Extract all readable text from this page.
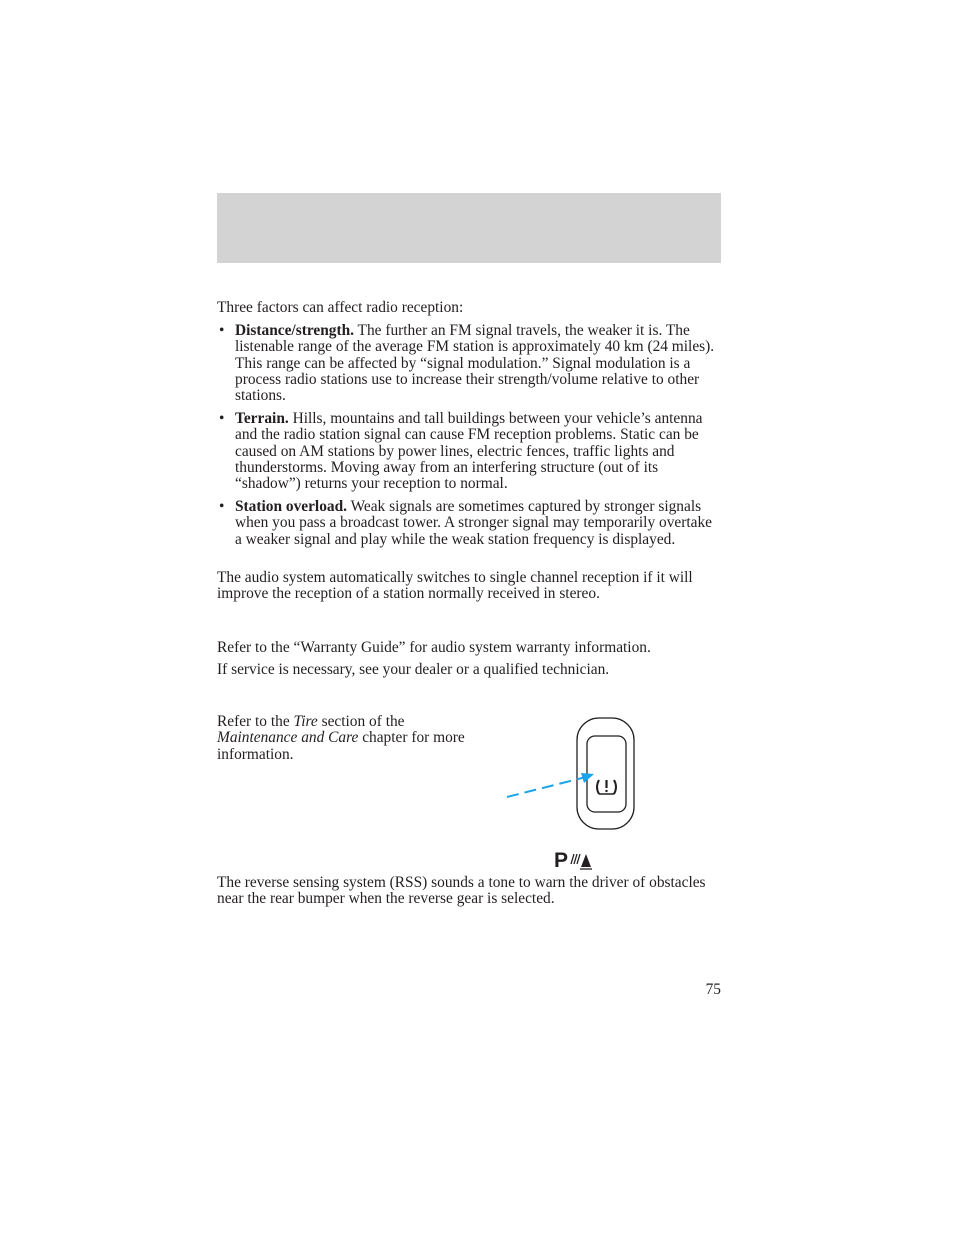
Three factors can affect radio reception:

• Distance/strength. The further an FM signal travels, the weaker it is. The listenable range of the average FM station is approximately 40 km (24 miles). This range can be affected by “signal modulation.” Signal modulation is a process radio stations use to increase their strength/volume relative to other stations.
• Terrain. Hills, mountains and tall buildings between your vehicle’s antenna and the radio station signal can cause FM reception problems. Static can be caused on AM stations by power lines, electric fences, traffic lights and thunderstorms. Moving away from an interfering structure (out of its “shadow”) returns your reception to normal.
• Station overload. Weak signals are sometimes captured by stronger signals when you pass a broadcast tower. A stronger signal may temporarily overtake a weaker signal and play while the weak station frequency is displayed.

The audio system automatically switches to single channel reception if it will improve the reception of a station normally received in stereo.

Refer to the “Warranty Guide” for audio system warranty information.

If service is necessary, see your dealer or a qualified technician.

Refer to the Tire section of the Maintenance and Care chapter for more information.
P

The reverse sensing system (RSS) sounds a tone to warn the driver of obstacles near the rear bumper when the reverse gear is selected.

75
